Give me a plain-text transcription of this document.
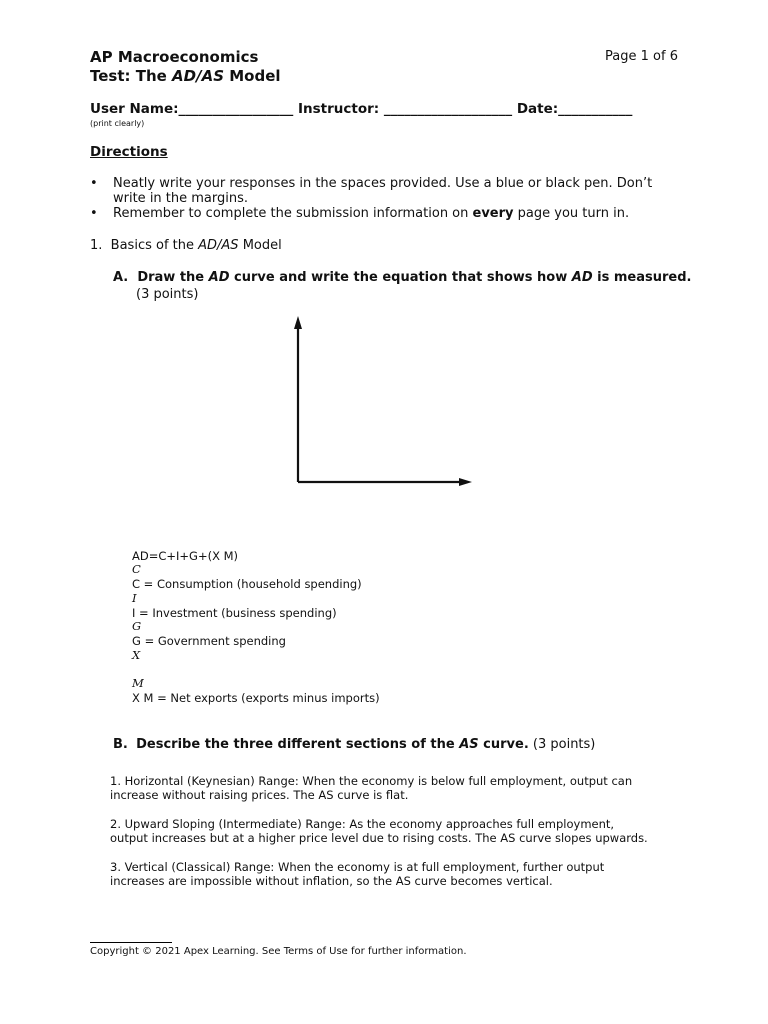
AP Macroeconomics
Test: The AD/AS Model
Page 1 of 6
User Name:_________________ Instructor: ___________________ Date:___________
(print clearly)
Directions
• Neatly write your responses in the spaces provided. Use a blue or black pen. Don’t write in the margins.
• Remember to complete the submission information on every page you turn in.
1. Basics of the AD/AS Model
A. Draw the AD curve and write the equation that shows how AD is measured.
(3 points)
AD=C+I+G+(X M)
C
C = Consumption (household spending)
I
I = Investment (business spending)
G
G = Government spending
X
M
X M = Net exports (exports minus imports)
B. Describe the three different sections of the AS curve. (3 points)
1. Horizontal (Keynesian) Range: When the economy is below full employment, output can increase without raising prices. The AS curve is flat.
2. Upward Sloping (Intermediate) Range: As the economy approaches full employment, output increases but at a higher price level due to rising costs. The AS curve slopes upwards.
3. Vertical (Classical) Range: When the economy is at full employment, further output increases are impossible without inflation, so the AS curve becomes vertical.
Copyright © 2021 Apex Learning. See Terms of Use for further information.
